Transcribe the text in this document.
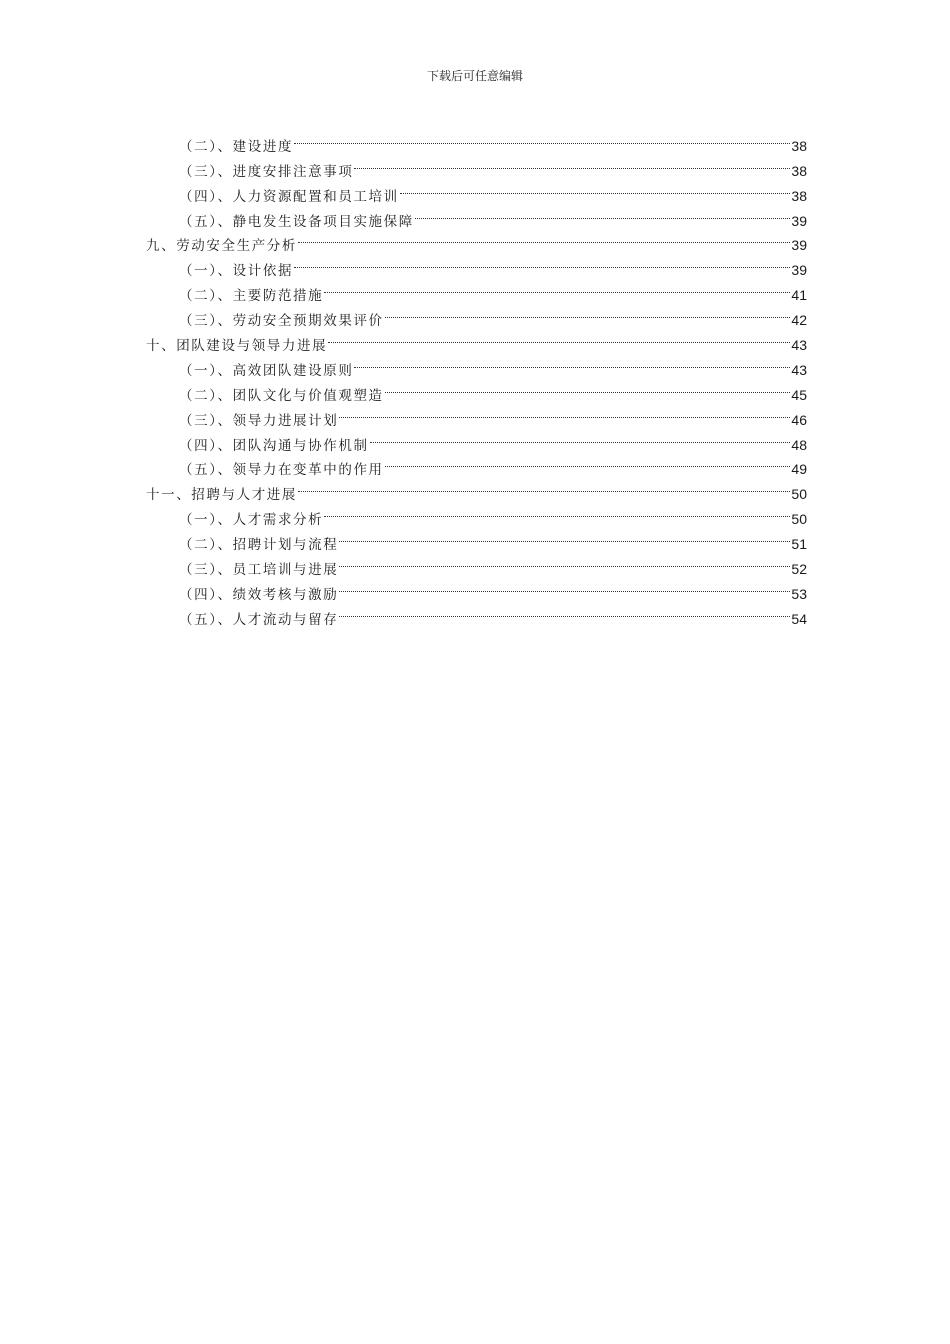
下载后可任意编辑
（二）、建设进度	38
（三）、进度安排注意事项	38
（四）、人力资源配置和员工培训	38
（五）、静电发生设备项目实施保障	39
九、劳动安全生产分析	39
（一）、设计依据	39
（二）、主要防范措施	41
（三）、劳动安全预期效果评价	42
十、团队建设与领导力进展	43
（一）、高效团队建设原则	43
（二）、团队文化与价值观塑造	45
（三）、领导力进展计划	46
（四）、团队沟通与协作机制	48
（五）、领导力在变革中的作用	49
十一、招聘与人才进展	50
（一）、人才需求分析	50
（二）、招聘计划与流程	51
（三）、员工培训与进展	52
（四）、绩效考核与激励	53
（五）、人才流动与留存	54
